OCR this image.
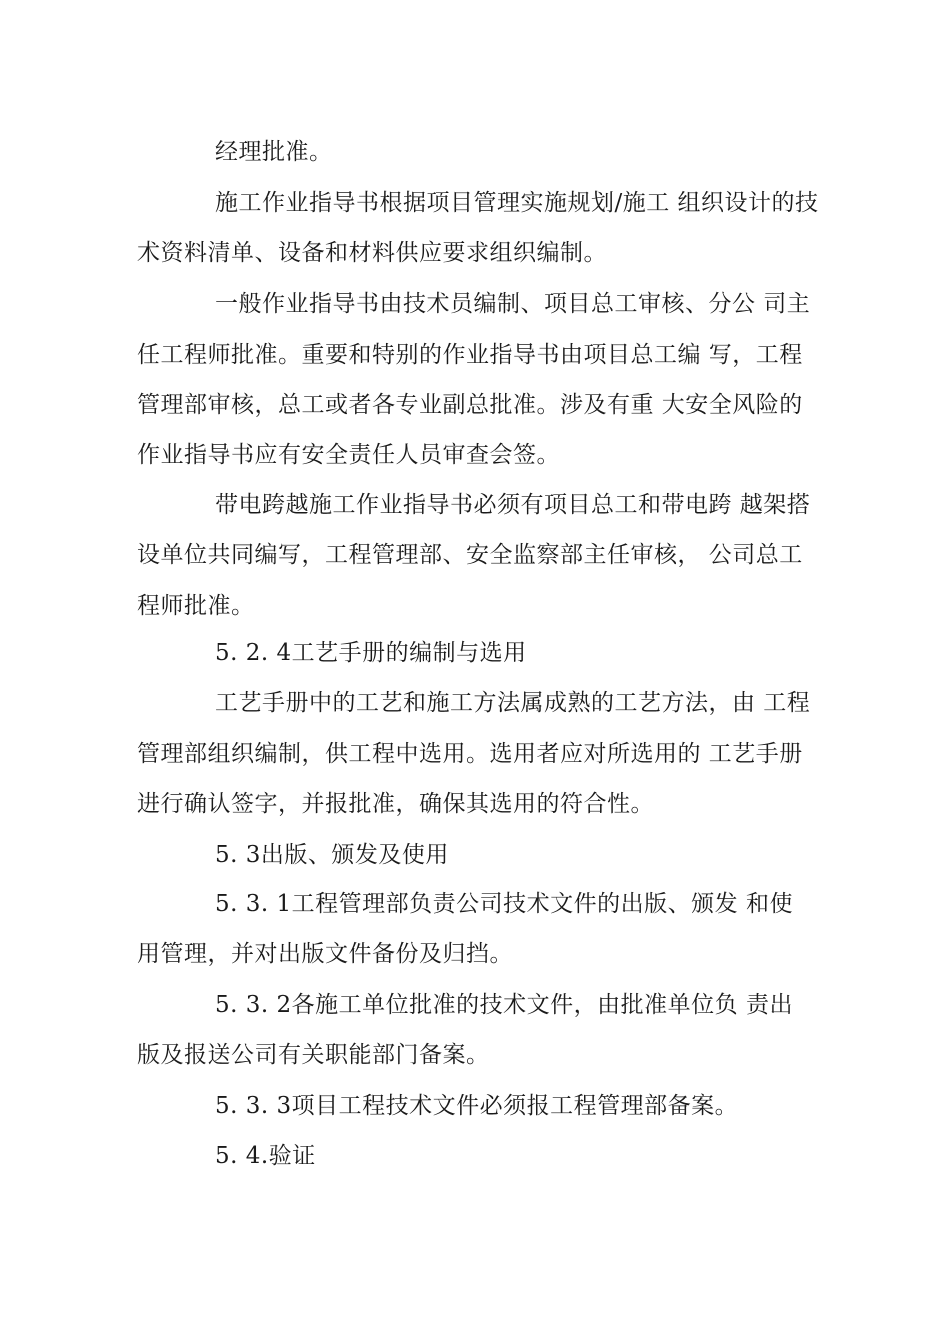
经理批准。
施工作业指导书根据项目管理实施规划/施工 组织设计的技
术资料清单、设备和材料供应要求组织编制。
一般作业指导书由技术员编制、项目总工审核、分公 司主
任工程师批准。重要和特别的作业指导书由项目总工编 写，工程
管理部审核，总工或者各专业副总批准。涉及有重 大安全风险的
作业指导书应有安全责任人员审查会签。
带电跨越施工作业指导书必须有项目总工和带电跨 越架搭
设单位共同编写，工程管理部、安全监察部主任审核， 公司总工
程师批准。
5. 2. 4工艺手册的编制与选用
工艺手册中的工艺和施工方法属成熟的工艺方法，由 工程
管理部组织编制，供工程中选用。选用者应对所选用的 工艺手册
进行确认签字，并报批准，确保其选用的符合性。
5. 3出版、颁发及使用
5. 3. 1工程管理部负责公司技术文件的出版、颁发 和使
用管理，并对出版文件备份及归挡。
5. 3. 2各施工单位批准的技术文件，由批准单位负 责出
版及报送公司有关职能部门备案。
5. 3. 3项目工程技术文件必须报工程管理部备案。
5. 4.验证
